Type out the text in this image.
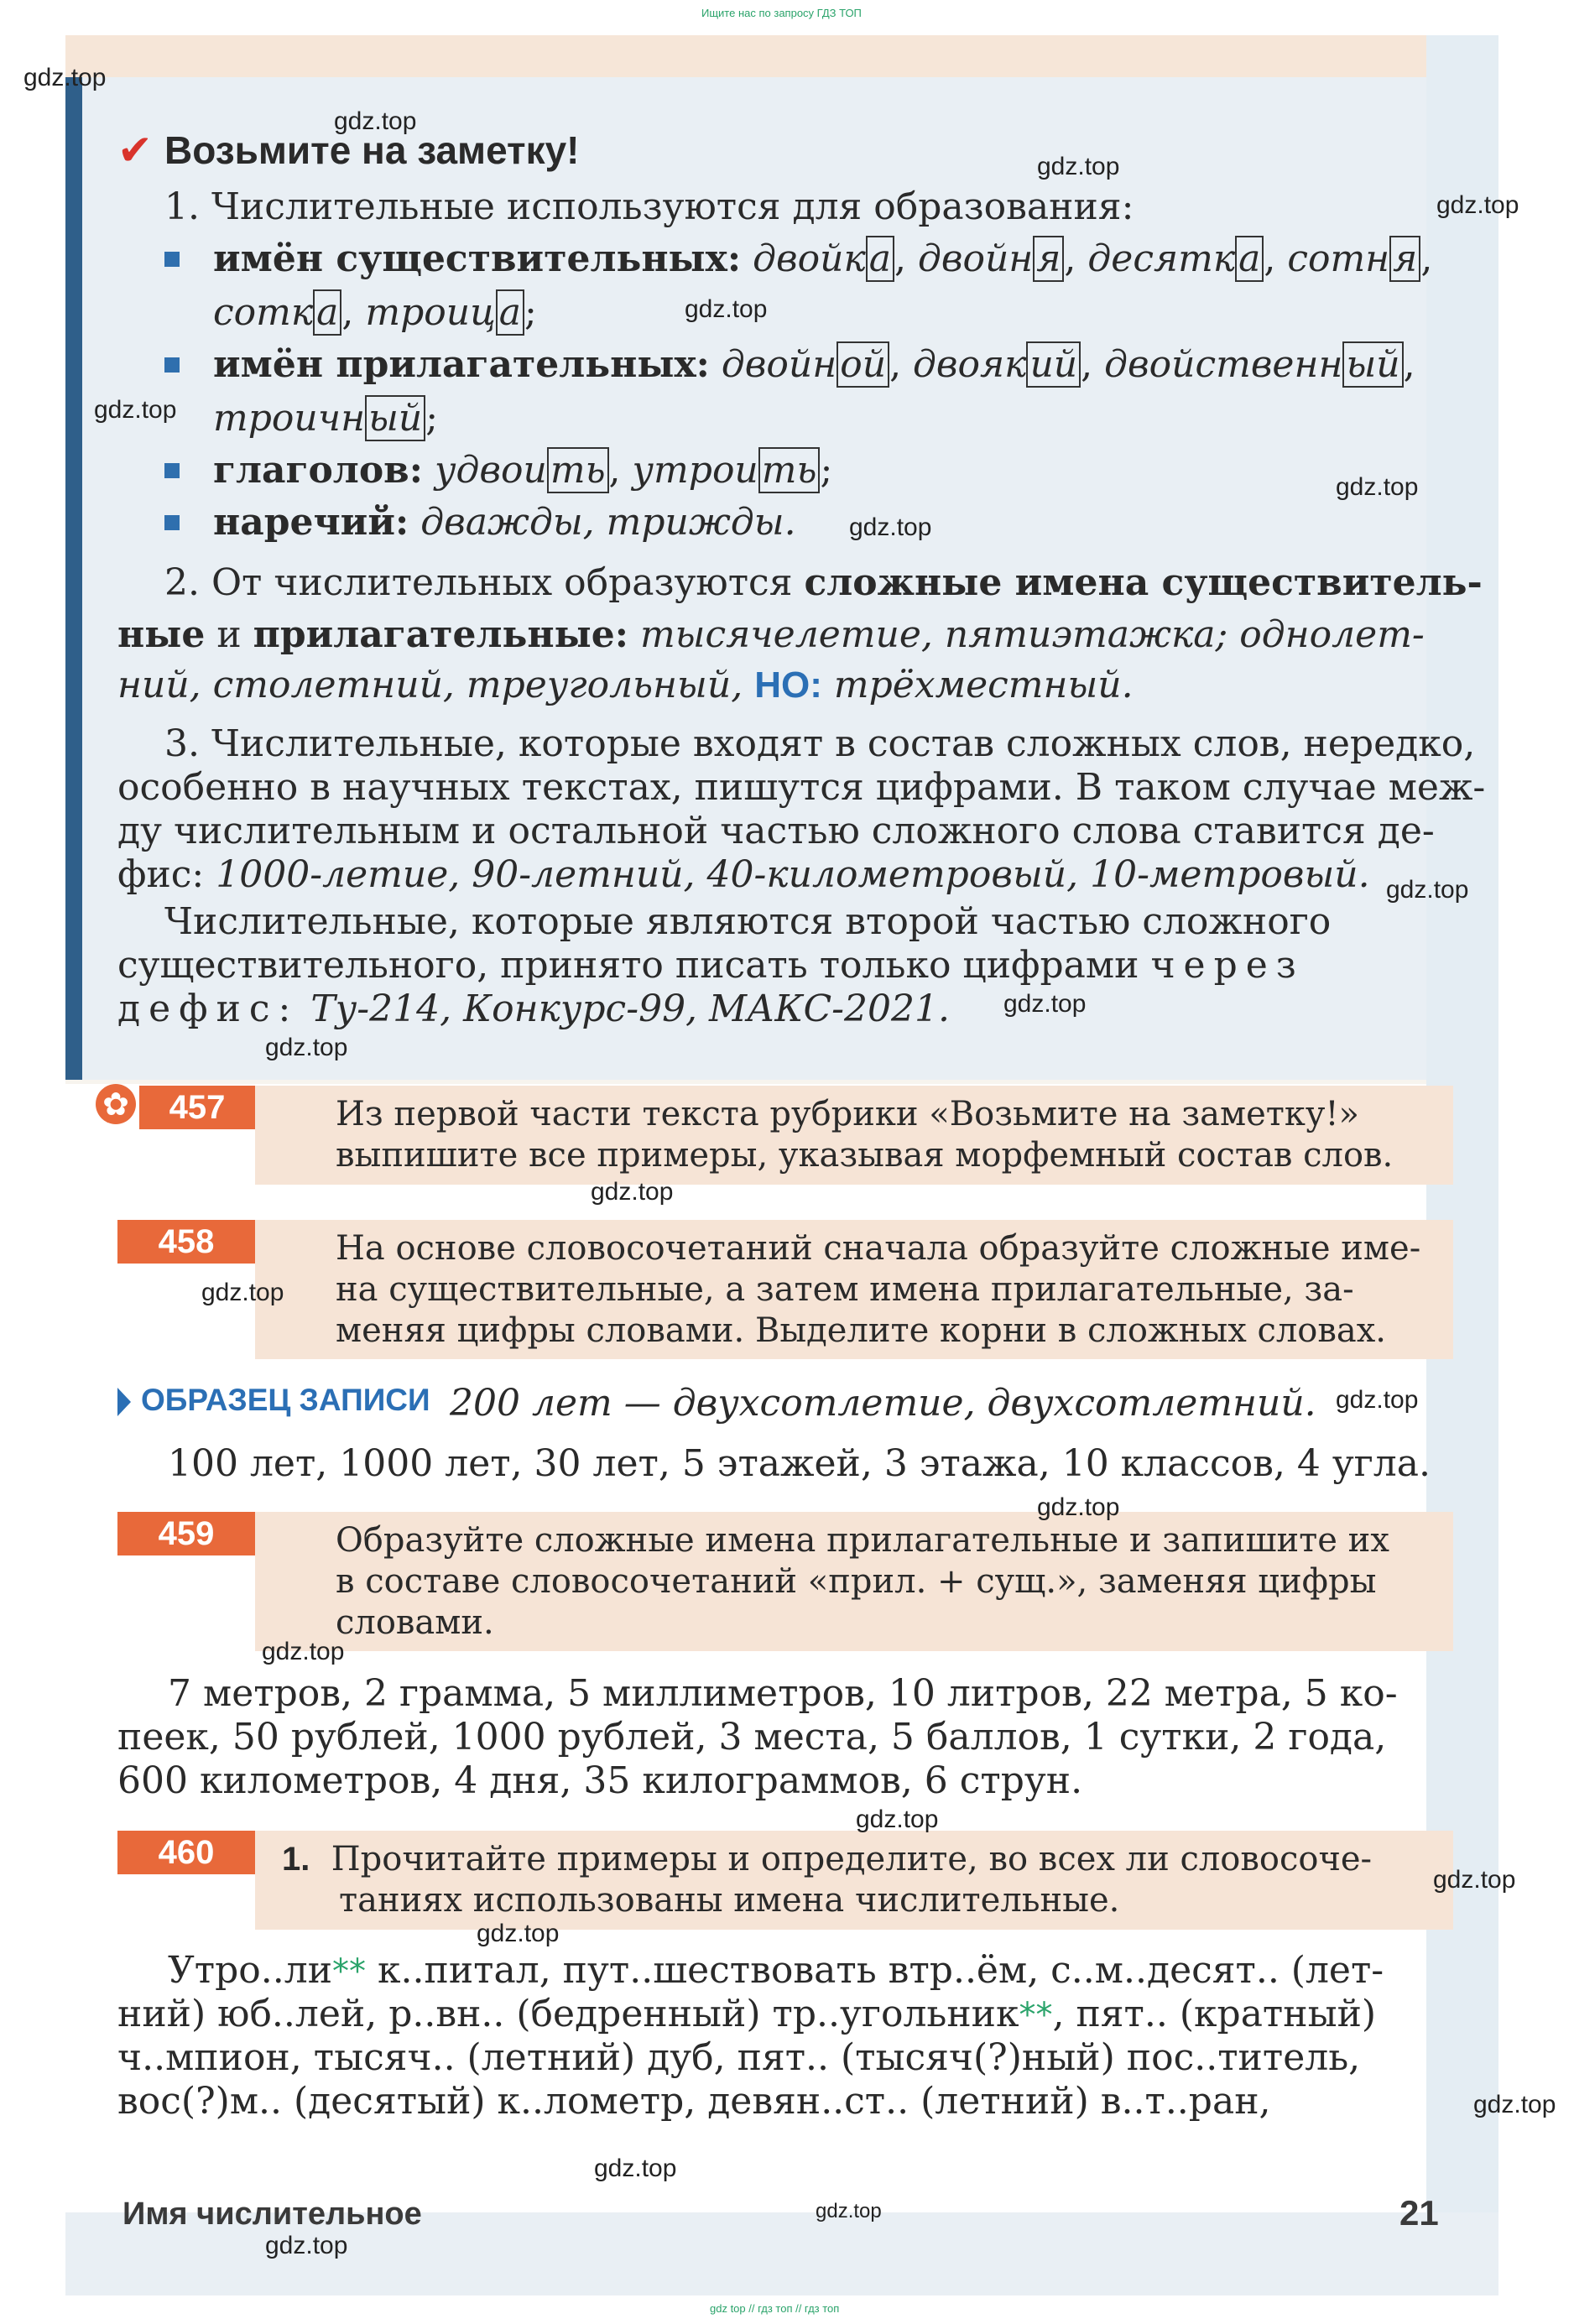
Ищите нас по запросу ГДЗ ТОП
✔ Возьмите на заметку!
1. Числительные используются для образования:
имён существительных: двойка, двойня, десятка, сотня,
сотка, троица;
имён прилагательных: двойной, двоякий, двойственный,
троичный;
глаголов: удвоить, утроить;
наречий: дважды, трижды.
2. От числительных образуются сложные имена существитель-
ные и прилагательные: тысячелетие, пятиэтажка; однолет-
ний, столетний, треугольный, НО: трёхместный.
3. Числительные, которые входят в состав сложных слов, нередко,
особенно в научных текстах, пишутся цифрами. В таком случае меж-
ду числительным и остальной частью сложного слова ставится де-
фис: 1000-летие, 90-летний, 40-километровый, 10-метровый.
Числительные, которые являются второй частью сложного
существительного, принято писать только цифрами через
дефис: Ту-214, Конкурс-99, МАКС-2021.
✿	457	Из первой части текста рубрики «Возьмите на заметку!»
выпишите все примеры, указывая морфемный состав слов.
458	На основе словосочетаний сначала образуйте сложные име-
на существительные, а затем имена прилагательные, за-
меняя цифры словами. Выделите корни в сложных словах.
ОБРАЗЕЦ ЗАПИСИ 200 лет — двухсотлетие, двухсотлетний.
100 лет, 1000 лет, 30 лет, 5 этажей, 3 этажа, 10 классов, 4 угла.
459	Образуйте сложные имена прилагательные и запишите их
в составе словосочетаний «прил. + сущ.», заменяя цифры
словами.
7 метров, 2 грамма, 5 миллиметров, 10 литров, 22 метра, 5 ко-
пеек, 50 рублей, 1000 рублей, 3 места, 5 баллов, 1 сутки, 2 года,
600 километров, 4 дня, 35 килограммов, 6 струн.
460	1. Прочитайте примеры и определите, во всех ли словосоче-
таниях использованы имена числительные.
Утро..ли** к..питал, пут..шествовать втр..ём, с..м..десят.. (лет-
ний) юб..лей, р..вн.. (бедренный) тр..угольник**, пят.. (кратный)
ч..мпион, тысяч.. (летний) дуб, пят.. (тысяч(?)ный) пос..титель,
вос(?)м.. (десятый) к..лометр, девян..ст.. (летний) в..т..ран,
Имя числительное	21
gdz top // гдз топ // гдз топ
gdz.top
gdz.top
gdz.top
gdz.top
gdz.top
gdz.top
gdz.top
gdz.top
gdz.top
gdz.top
gdz.top
gdz.top
gdz.top
gdz.top
gdz.top
gdz.top
gdz.top
gdz.top
gdz.top
gdz.top
gdz.top
gdz.top
gdz.top
